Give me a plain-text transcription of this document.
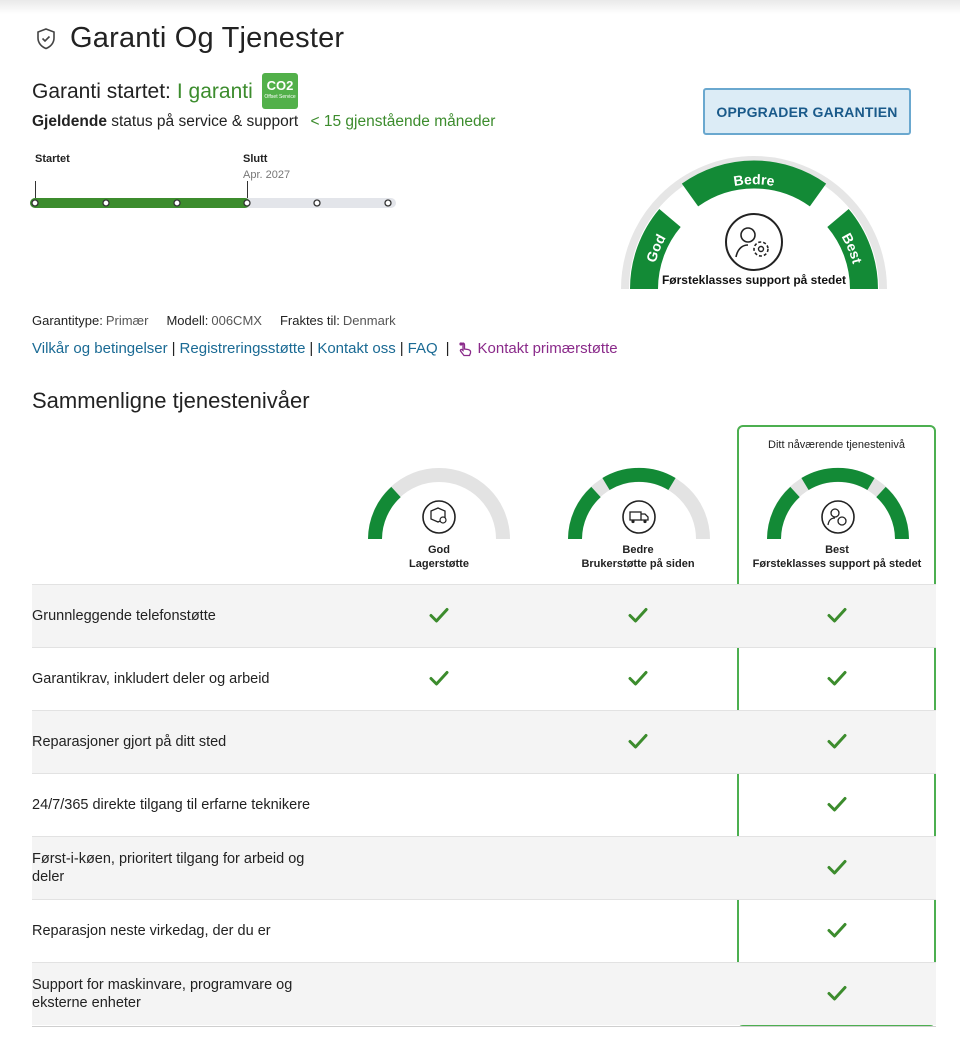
Garanti Og Tjenester
Garanti startet: I garanti	CO2
Offset Service
Gjeldende status på service & support < 15 gjenstående måneder
OPPGRADER GARANTIEN
Startet	Slutt
Apr. 2027
God
Bedre
Best
Førsteklasses support på stedet
Garantitype: Primær Modell: 006CMX Fraktes til: Denmark
Vilkår og betingelser | Registreringsstøtte | Kontakt oss | FAQ | Kontakt primærstøtte
Sammenligne tjenestenivåer
Ditt nåværende tjenestenivå
God
Lagerstøtte
Bedre
Brukerstøtte på siden
Best
Førsteklasses support på stedet
Grunnleggende telefonstøtte
Garantikrav, inkludert deler og arbeid
Reparasjoner gjort på ditt sted
24/7/365 direkte tilgang til erfarne teknikere
Først-i-køen, prioritert tilgang for arbeid og deler
Reparasjon neste virkedag, der du er
Support for maskinvare, programvare og eksterne enheter
